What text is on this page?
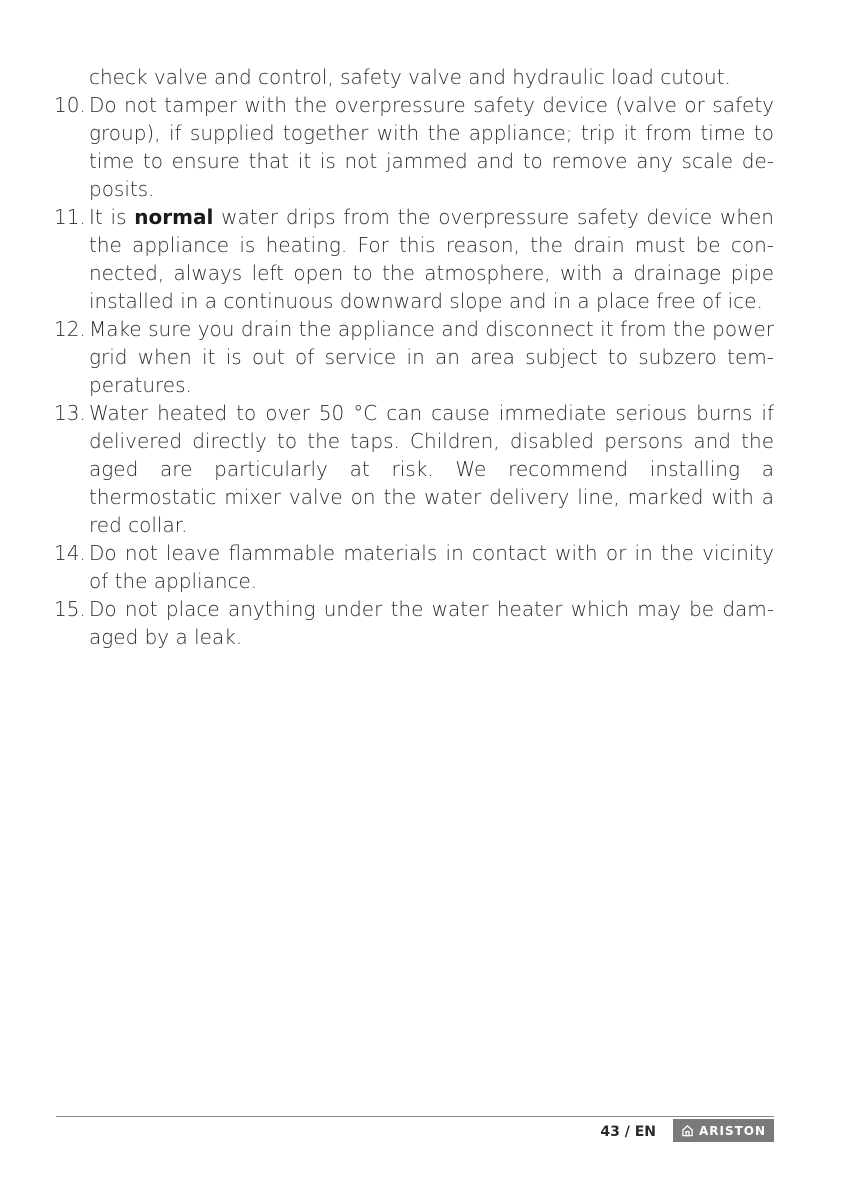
check valve and control, safety valve and hydraulic load cutout.
10. Do not tamper with the overpressure safety device (valve or safety group), if supplied together with the appliance; trip it from time to time to ensure that it is not jammed and to remove any scale deposits.
11. It is normal water drips from the overpressure safety device when the appliance is heating. For this reason, the drain must be connected, always left open to the atmosphere, with a drainage pipe installed in a continuous downward slope and in a place free of ice.
12. Make sure you drain the appliance and disconnect it from the power grid when it is out of service in an area subject to subzero temperatures.
13. Water heated to over 50 °C can cause immediate serious burns if delivered directly to the taps. Children, disabled persons and the aged are particularly at risk. We recommend installing a thermostatic mixer valve on the water delivery line, marked with a red collar.
14. Do not leave flammable materials in contact with or in the vicinity of the appliance.
15. Do not place anything under the water heater which may be damaged by a leak.
43 / EN	ARISTON
